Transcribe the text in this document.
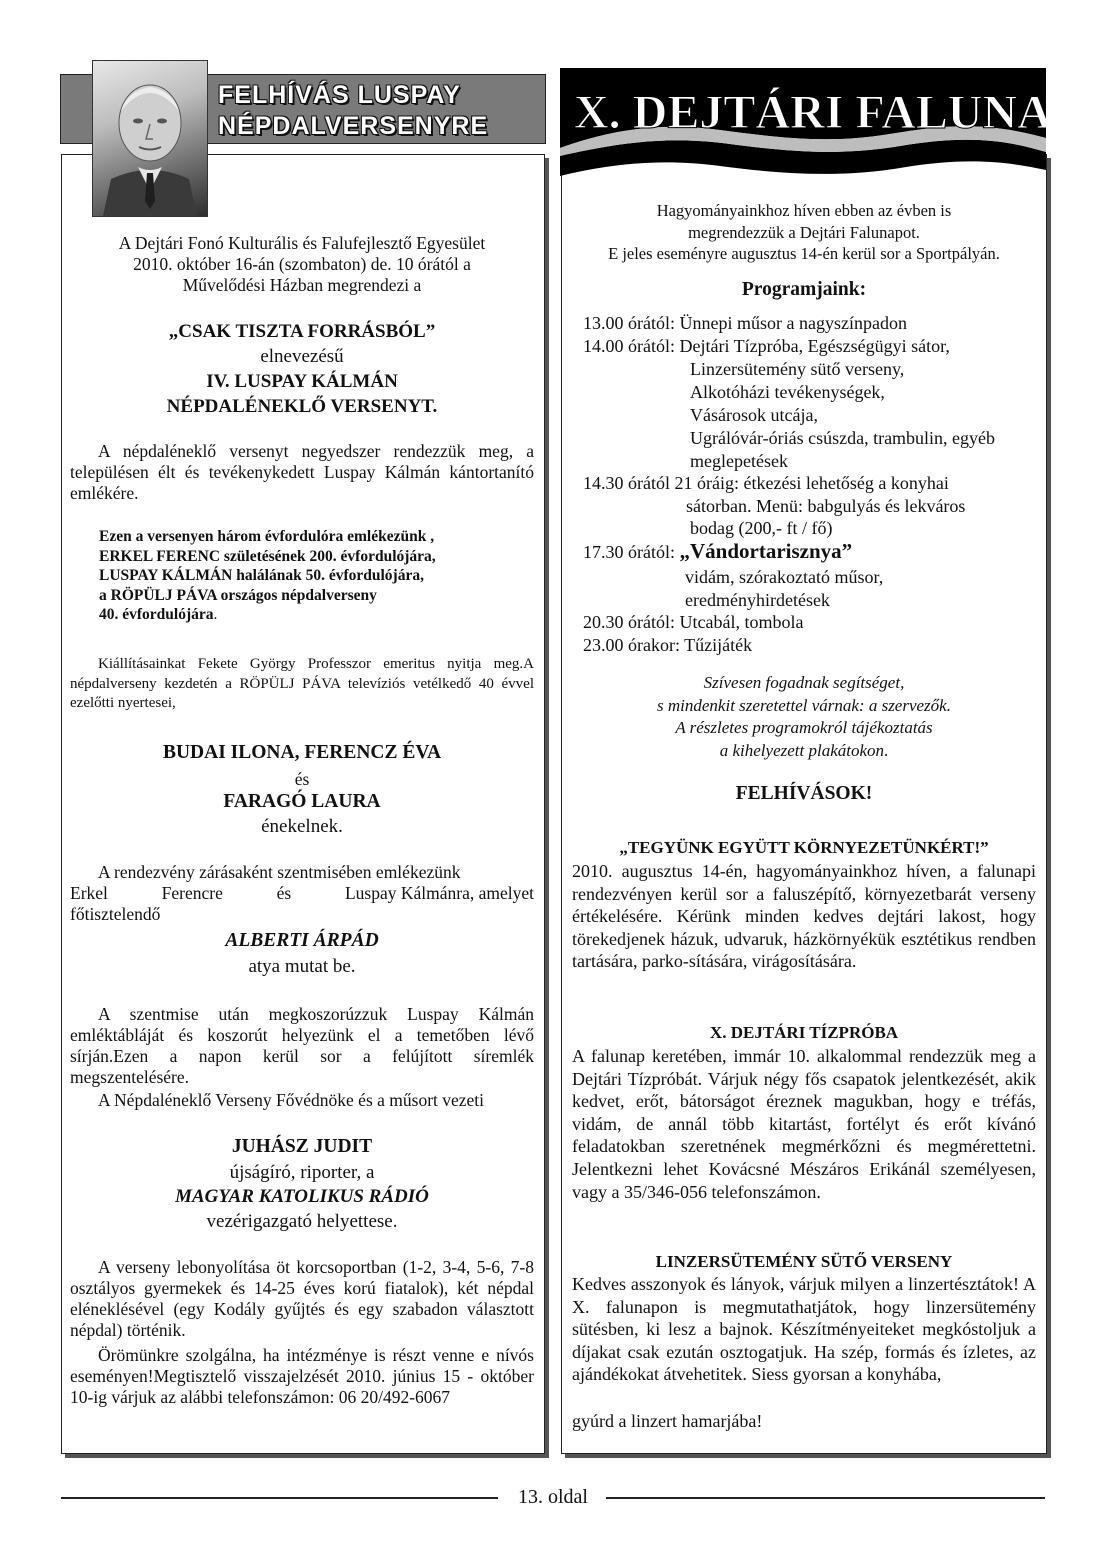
FELHÍVÁS LUSPAY
NÉPDALVERSENYRE
A Dejtári Fonó Kulturális és Falufejlesztő Egyesület
2010. október 16-án (szombaton) de. 10 órától a
Művelődési Házban megrendezi a
„CSAK TISZTA FORRÁSBÓL”
elnevezésű
IV. LUSPAY KÁLMÁN
NÉPDALÉNEKLŐ VERSENYT.
A népdaléneklő versenyt negyedszer rendezzük meg, a településen élt és tevékenykedett Luspay Kálmán kántortanító emlékére.
Ezen a versenyen három évfordulóra emlékezünk ,
ERKEL FERENC születésének 200. évfordulójára,
LUSPAY KÁLMÁN halálának 50. évfordulójára,
a RÖPÜLJ PÁVA országos népdalverseny
40. évfordulójára.
Kiállításainkat Fekete György Professzor emeritus nyitja meg.A népdalverseny kezdetén a RÖPÜLJ PÁVA televíziós vetélkedő 40 évvel ezelőtti nyertesei,
BUDAI ILONA, FERENCZ ÉVA
és
FARAGÓ LAURA
énekelnek.
A rendezvény zárásaként szentmisében emlékezünk
Erkel	Ferencre	és	Luspay Kálmánra, amelyet
főtisztelendő
ALBERTI ÁRPÁD
atya mutat be.
A szentmise után megkoszorúzzuk Luspay Kálmán emléktábláját és koszorút helyezünk el a temetőben lévő sírján.Ezen a napon kerül sor a felújított síremlék megszentelésére.
A Népdaléneklő Verseny Fővédnöke és a műsort vezeti
JUHÁSZ JUDIT
újságíró, riporter, a
MAGYAR KATOLIKUS RÁDIÓ
vezérigazgató helyettese.
A verseny lebonyolítása öt korcsoportban (1-2, 3-4, 5-6, 7-8 osztályos gyermekek és 14-25 éves korú fiatalok), két népdal eléneklésével (egy Kodály gyűjtés és egy szabadon választott népdal) történik.
Örömünkre szolgálna, ha intézménye is részt venne e nívós eseményen!Megtisztelő visszajelzését 2010. június 15 - október 10-ig várjuk az alábbi telefonszámon: 06 20/492-6067
X. DEJTÁRI FALUNAP
Hagyományainkhoz híven ebben az évben is
megrendezzük a Dejtári Falunapot.
E jeles eseményre augusztus 14-én kerül sor a Sportpályán.
Programjaink:
13.00 órától: Ünnepi műsor a nagyszínpadon
14.00 órától: Dejtári Tízpróba, Egészségügyi sátor,
Linzersütemény sütő verseny,
Alkotóházi tevékenységek,
Vásárosok utcája,
Ugrálóvár-óriás csúszda, trambulin, egyéb
meglepetések
14.30 órától 21 óráig: étkezési lehetőség a konyhai
sátorban. Menü: babgulyás és lekváros
bodag (200,- ft / fő)
17.30 órától: „Vándortarisznya”
vidám, szórakoztató műsor,
eredményhirdetések
20.30 órától: Utcabál, tombola
23.00 órakor: Tűzijáték
Szívesen fogadnak segítséget,
s mindenkit szeretettel várnak: a szervezők.
A részletes programokról tájékoztatás
a kihelyezett plakátokon.
FELHÍVÁSOK!
„TEGYÜNK EGYÜTT KÖRNYEZETÜNKÉRT!”
2010. augusztus 14-én, hagyományainkhoz híven, a falunapi rendezvényen kerül sor a faluszépítő, környezetbarát verseny értékelésére. Kérünk minden kedves dejtári lakost, hogy törekedjenek házuk, udvaruk, házkörnyékük esztétikus rendben tartására, parko-sítására, virágosítására.
X. DEJTÁRI TÍZPRÓBA
A falunap keretében, immár 10. alkalommal rendezzük meg a Dejtári Tízpróbát. Várjuk négy fős csapatok jelentkezését, akik kedvet, erőt, bátorságot éreznek magukban, hogy e tréfás, vidám, de annál több kitartást, fortélyt és erőt kívánó feladatokban szeretnének megmérkőzni és megmérettetni. Jelentkezni lehet Kovácsné Mészáros Erikánál személyesen, vagy a 35/346-056 telefonszámon.
LINZERSÜTEMÉNY SÜTŐ VERSENY
Kedves asszonyok és lányok, várjuk milyen a linzertésztátok! A X. falunapon is megmutathatjátok, hogy linzersütemény sütésben, ki lesz a bajnok. Készítményeiteket megkóstoljuk a díjakat csak ezután osztogatjuk. Ha szép, formás és ízletes, az ajándékokat átvehetitek. Siess gyorsan a konyhába,
gyúrd a linzert hamarjába!
13. oldal
